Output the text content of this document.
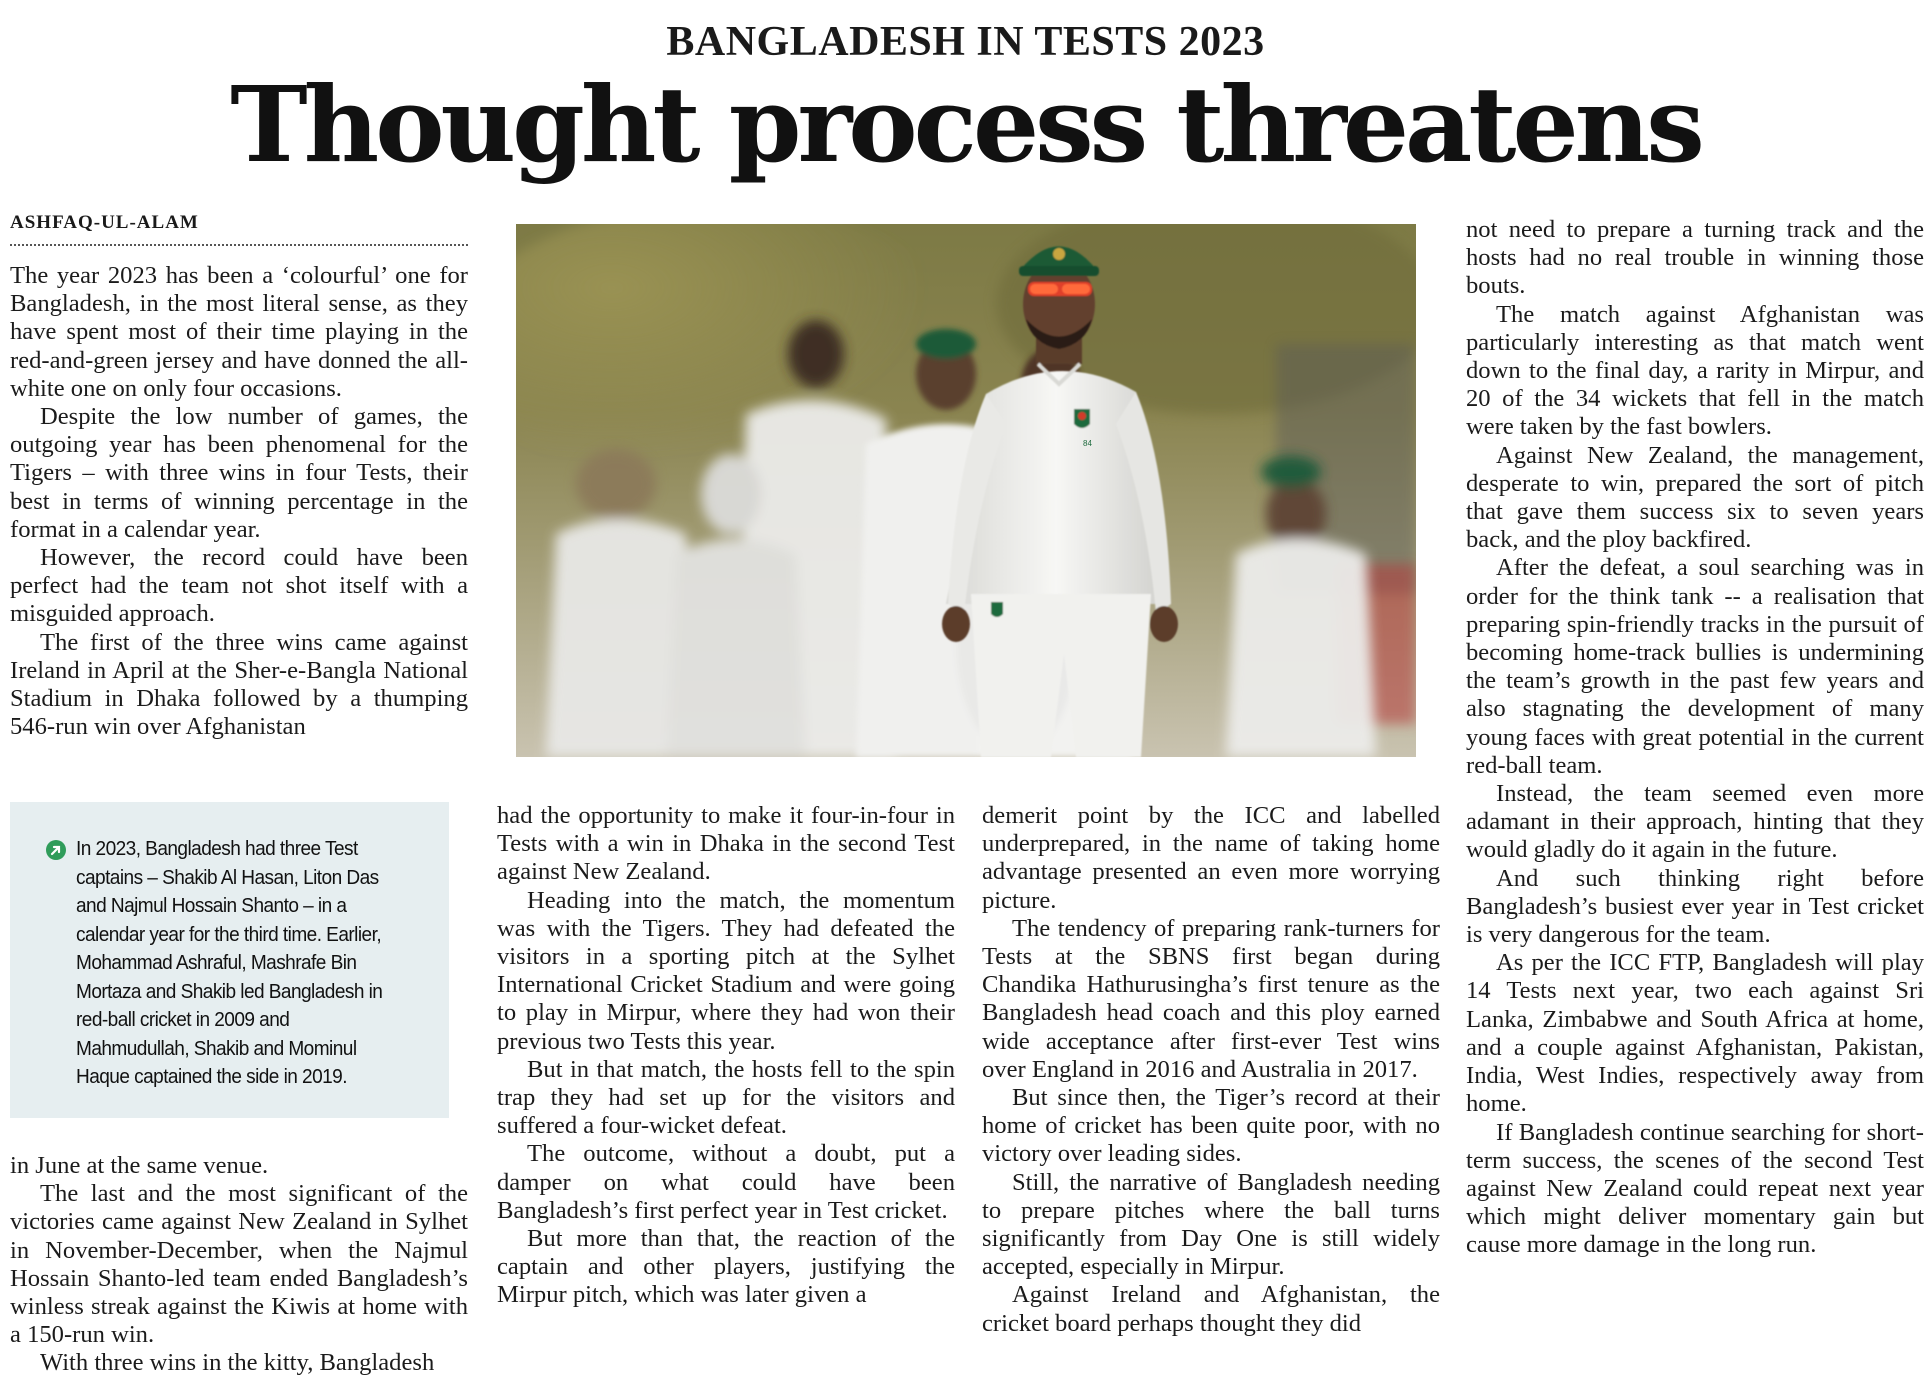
BANGLADESH IN TESTS 2023
Thought process threatens
ASHFAQ-UL-ALAM

The year 2023 has been a ‘colourful’ one for Bangladesh, in the most literal sense, as they have spent most of their time playing in the red-and-green jersey and have donned the all-white one on only four occasions.

Despite the low number of games, the outgoing year has been phenomenal for the Tigers – with three wins in four Tests, their best in terms of winning percentage in the format in a calendar year.

However, the record could have been perfect had the team not shot itself with a misguided approach.

The first of the three wins came against Ireland in April at the Sher-e-Bangla National Stadium in Dhaka followed by a thumping 546-run win over Afghanistan

In 2023, Bangladesh had three Test captains – Shakib Al Hasan, Liton Das and Najmul Hossain Shanto – in a calendar year for the third time. Earlier, Mohammad Ashraful, Mashrafe Bin Mortaza and Shakib led Bangladesh in red-ball cricket in 2009 and Mahmudullah, Shakib and Mominul Haque captained the side in 2019.

in June at the same venue.

The last and the most significant of the victories came against New Zealand in Sylhet in November-December, when the Najmul Hossain Shanto-led team ended Bangladesh’s winless streak against the Kiwis at home with a 150-run win.

With three wins in the kitty, Bangladesh

had the opportunity to make it four-in-four in Tests with a win in Dhaka in the second Test against New Zealand.

Heading into the match, the momentum was with the Tigers. They had defeated the visitors in a sporting pitch at the Sylhet International Cricket Stadium and were going to play in Mirpur, where they had won their previous two Tests this year.

But in that match, the hosts fell to the spin trap they had set up for the visitors and suffered a four-wicket defeat.

The outcome, without a doubt, put a damper on what could have been Bangladesh’s first perfect year in Test cricket.

But more than that, the reaction of the captain and other players, justifying the Mirpur pitch, which was later given a

demerit point by the ICC and labelled underprepared, in the name of taking home advantage presented an even more worrying picture.

The tendency of preparing rank-turners for Tests at the SBNS first began during Chandika Hathurusingha’s first tenure as the Bangladesh head coach and this ploy earned wide acceptance after first-ever Test wins over England in 2016 and Australia in 2017.

But since then, the Tiger’s record at their home of cricket has been quite poor, with no victory over leading sides.

Still, the narrative of Bangladesh needing to prepare pitches where the ball turns significantly from Day One is still widely accepted, especially in Mirpur.

Against Ireland and Afghanistan, the cricket board perhaps thought they did

not need to prepare a turning track and the hosts had no real trouble in winning those bouts.

The match against Afghanistan was particularly interesting as that match went down to the final day, a rarity in Mirpur, and 20 of the 34 wickets that fell in the match were taken by the fast bowlers.

Against New Zealand, the management, desperate to win, prepared the sort of pitch that gave them success six to seven years back, and the ploy backfired.

After the defeat, a soul searching was in order for the think tank -- a realisation that preparing spin-friendly tracks in the pursuit of becoming home-track bullies is undermining the team’s growth in the past few years and also stagnating the development of many young faces with great potential in the current red-ball team.

Instead, the team seemed even more adamant in their approach, hinting that they would gladly do it again in the future.

And such thinking right before Bangladesh’s busiest ever year in Test cricket is very dangerous for the team.

As per the ICC FTP, Bangladesh will play 14 Tests next year, two each against Sri Lanka, Zimbabwe and South Africa at home, and a couple against Afghanistan, Pakistan, India, West Indies, respectively away from home.

If Bangladesh continue searching for short-term success, the scenes of the second Test against New Zealand could repeat next year which might deliver momentary gain but cause more damage in the long run.

84
